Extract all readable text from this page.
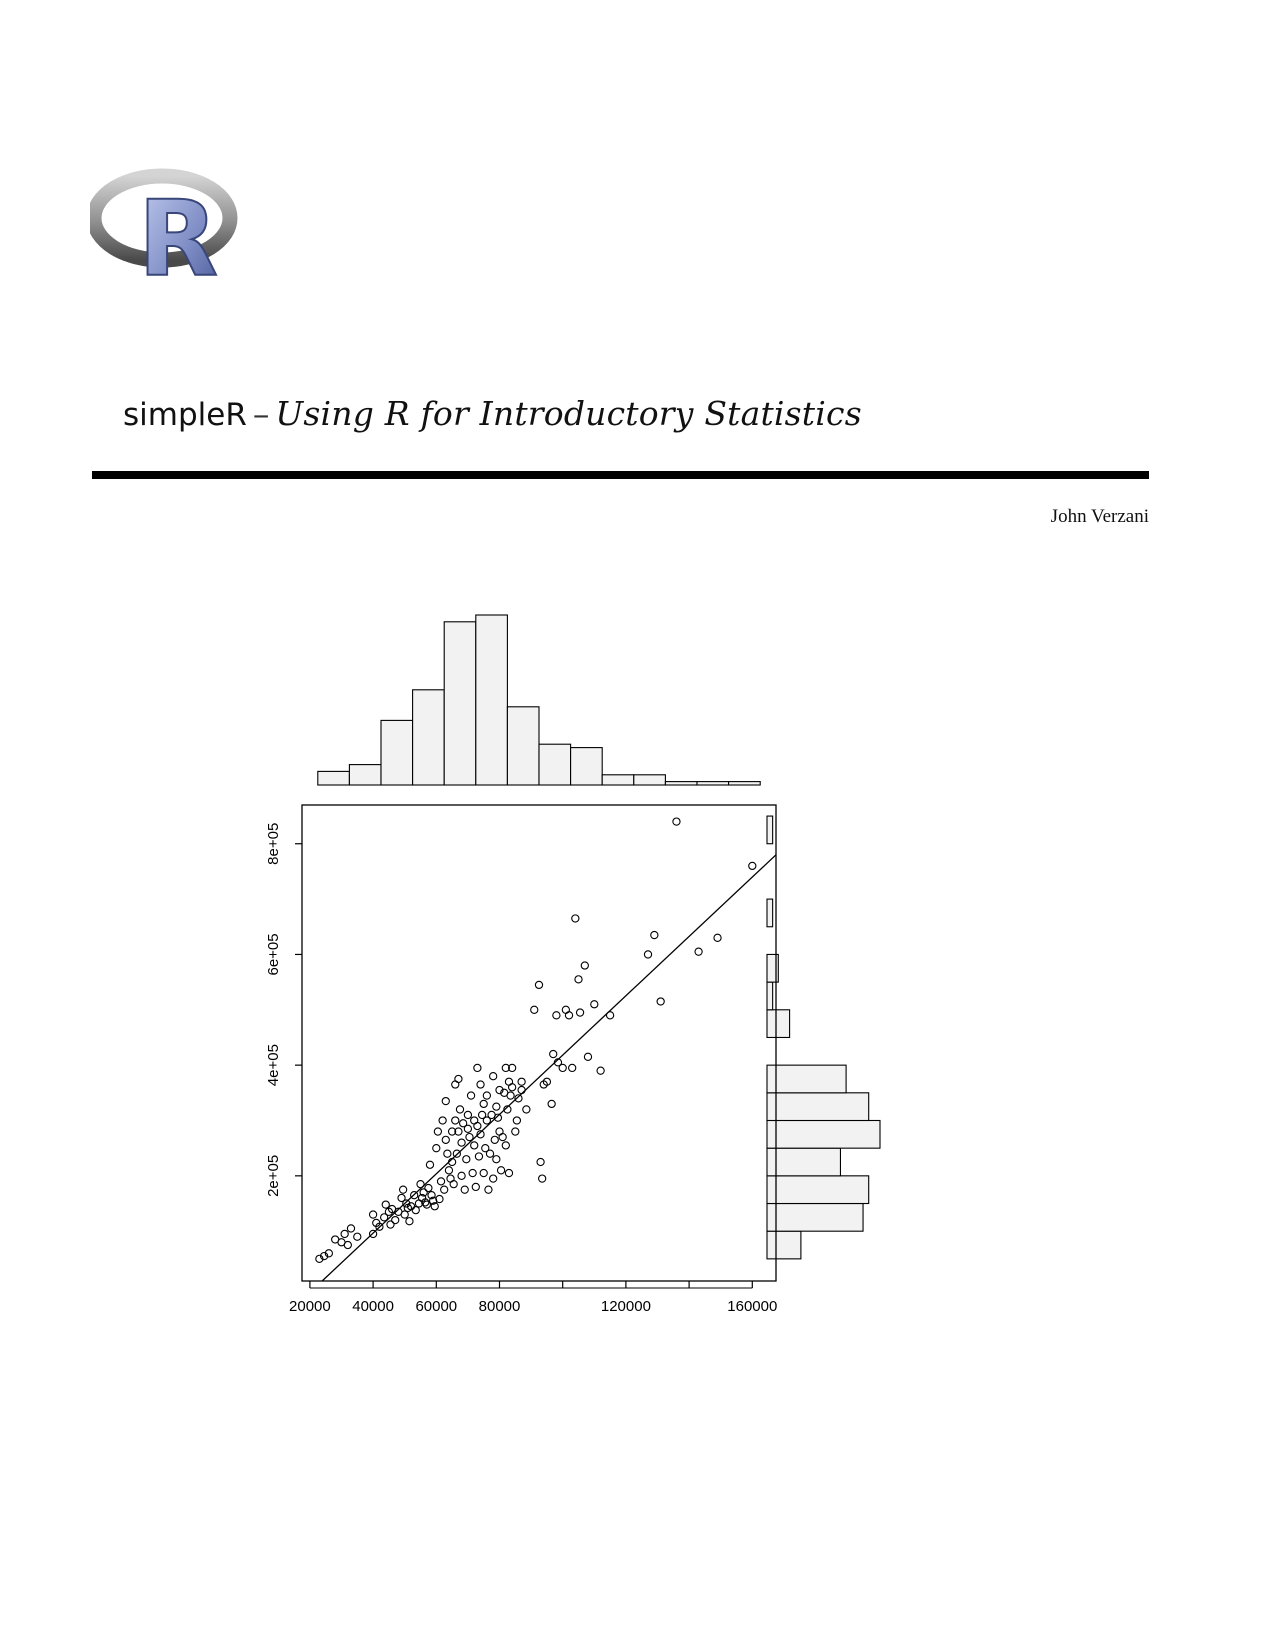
R
simpleR – Using R for Introductory Statistics
John Verzani
20000 40000 60000 80000	120000	160000
2e+05
4e+05
6e+05
8e+05
